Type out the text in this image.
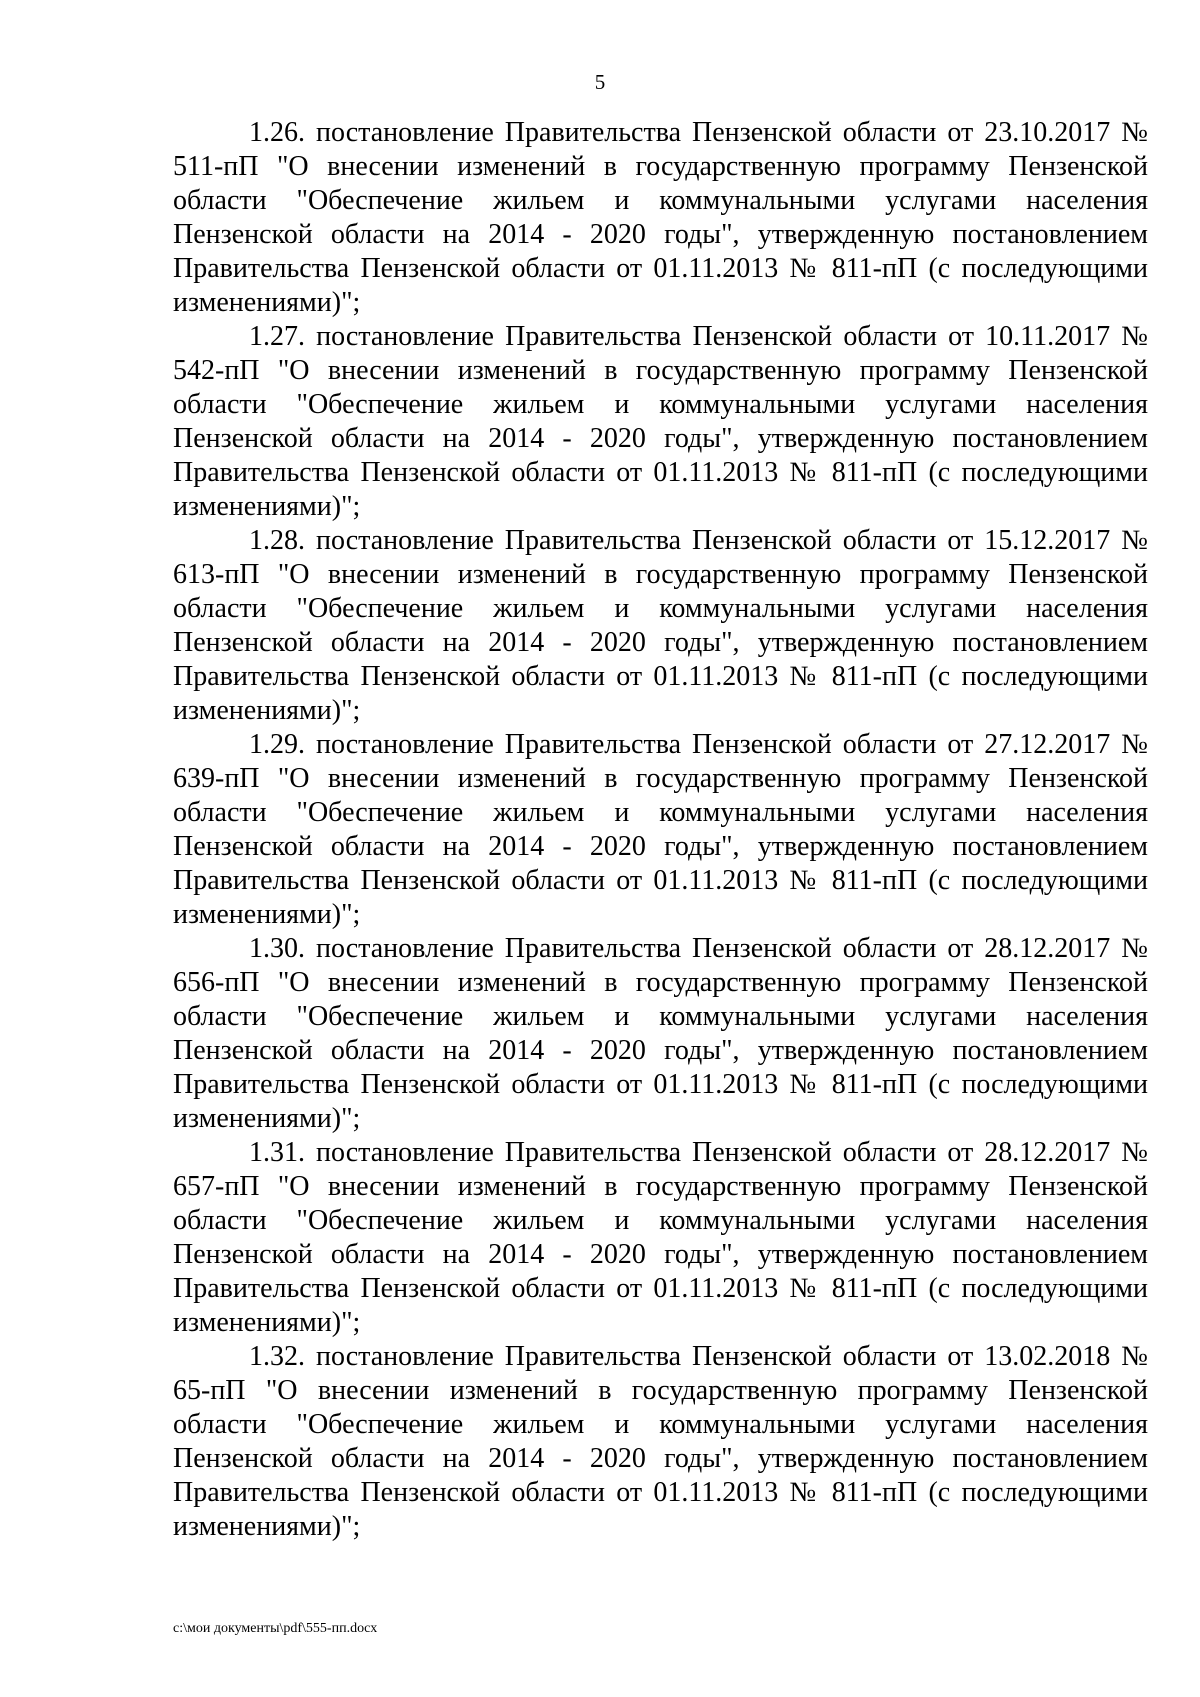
5

1.26. постановление Правительства Пензенской области от 23.10.2017 № 511-пП "О внесении изменений в государственную программу Пензенской области "Обеспечение жильем и коммунальными услугами населения Пензенской области на 2014 - 2020 годы", утвержденную постановлением Правительства Пензенской области от 01.11.2013 № 811-пП (с последующими изменениями)";

1.27. постановление Правительства Пензенской области от 10.11.2017 № 542-пП "О внесении изменений в государственную программу Пензенской области "Обеспечение жильем и коммунальными услугами населения Пензенской области на 2014 - 2020 годы", утвержденную постановлением Правительства Пензенской области от 01.11.2013 № 811-пП (с последующими изменениями)";

1.28. постановление Правительства Пензенской области от 15.12.2017 № 613-пП "О внесении изменений в государственную программу Пензенской области "Обеспечение жильем и коммунальными услугами населения Пензенской области на 2014 - 2020 годы", утвержденную постановлением Правительства Пензенской области от 01.11.2013 № 811-пП (с последующими изменениями)";

1.29. постановление Правительства Пензенской области от 27.12.2017 № 639-пП "О внесении изменений в государственную программу Пензенской области "Обеспечение жильем и коммунальными услугами населения Пензенской области на 2014 - 2020 годы", утвержденную постановлением Правительства Пензенской области от 01.11.2013 № 811-пП (с последующими изменениями)";

1.30. постановление Правительства Пензенской области от 28.12.2017 № 656-пП "О внесении изменений в государственную программу Пензенской области "Обеспечение жильем и коммунальными услугами населения Пензенской области на 2014 - 2020 годы", утвержденную постановлением Правительства Пензенской области от 01.11.2013 № 811-пП (с последующими изменениями)";

1.31. постановление Правительства Пензенской области от 28.12.2017 № 657-пП "О внесении изменений в государственную программу Пензенской области "Обеспечение жильем и коммунальными услугами населения Пензенской области на 2014 - 2020 годы", утвержденную постановлением Правительства Пензенской области от 01.11.2013 № 811-пП (с последующими изменениями)";

1.32. постановление Правительства Пензенской области от 13.02.2018 № 65-пП "О внесении изменений в государственную программу Пензенской области "Обеспечение жильем и коммунальными услугами населения Пензенской области на 2014 - 2020 годы", утвержденную постановлением Правительства Пензенской области от 01.11.2013 № 811-пП (с последующими изменениями)";

c:\мои документы\pdf\555-пп.docx
